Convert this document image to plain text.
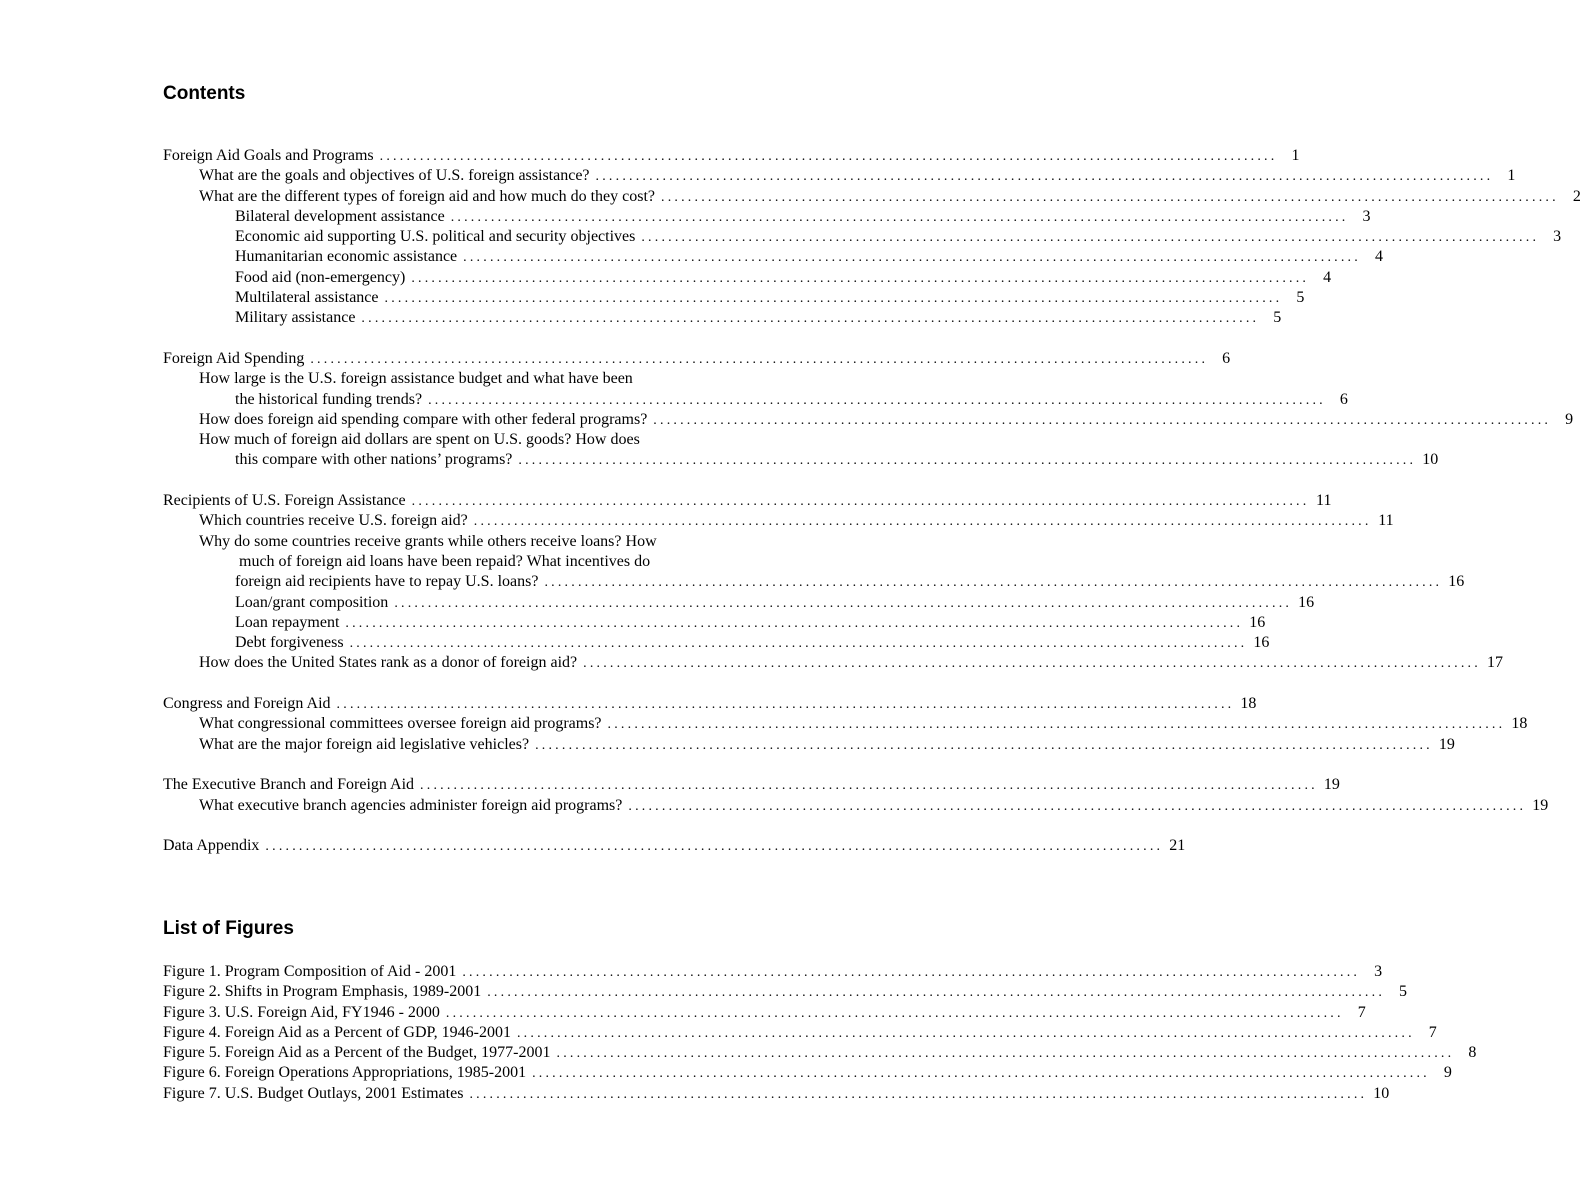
Contents
Foreign Aid Goals and Programs ...................................................................................................................................... 1
What are the goals and objectives of U.S. foreign assistance? ...................................................................................................................................... 1
What are the different types of foreign aid and how much do they cost? ...................................................................................................................................... 2
Bilateral development assistance ...................................................................................................................................... 3
Economic aid supporting U.S. political and security objectives ...................................................................................................................................... 3
Humanitarian economic assistance ...................................................................................................................................... 4
Food aid (non-emergency) ...................................................................................................................................... 4
Multilateral assistance ...................................................................................................................................... 5
Military assistance ...................................................................................................................................... 5
Foreign Aid Spending ...................................................................................................................................... 6
How large is the U.S. foreign assistance budget and what have been
the historical funding trends? ...................................................................................................................................... 6
How does foreign aid spending compare with other federal programs? ...................................................................................................................................... 9
How much of foreign aid dollars are spent on U.S. goods? How does
this compare with other nations’ programs? ...................................................................................................................................... 10
Recipients of U.S. Foreign Assistance ...................................................................................................................................... 11
Which countries receive U.S. foreign aid? ...................................................................................................................................... 11
Why do some countries receive grants while others receive loans? How
much of foreign aid loans have been repaid? What incentives do
foreign aid recipients have to repay U.S. loans? ...................................................................................................................................... 16
Loan/grant composition ...................................................................................................................................... 16
Loan repayment ...................................................................................................................................... 16
Debt forgiveness ...................................................................................................................................... 16
How does the United States rank as a donor of foreign aid? ...................................................................................................................................... 17
Congress and Foreign Aid ...................................................................................................................................... 18
What congressional committees oversee foreign aid programs? ...................................................................................................................................... 18
What are the major foreign aid legislative vehicles? ...................................................................................................................................... 19
The Executive Branch and Foreign Aid ...................................................................................................................................... 19
What executive branch agencies administer foreign aid programs? ...................................................................................................................................... 19
Data Appendix ...................................................................................................................................... 21
List of Figures
Figure 1. Program Composition of Aid - 2001 ...................................................................................................................................... 3
Figure 2. Shifts in Program Emphasis, 1989-2001 ...................................................................................................................................... 5
Figure 3. U.S. Foreign Aid, FY1946 - 2000 ...................................................................................................................................... 7
Figure 4. Foreign Aid as a Percent of GDP, 1946-2001 ...................................................................................................................................... 7
Figure 5. Foreign Aid as a Percent of the Budget, 1977-2001 ...................................................................................................................................... 8
Figure 6. Foreign Operations Appropriations, 1985-2001 ...................................................................................................................................... 9
Figure 7. U.S. Budget Outlays, 2001 Estimates ...................................................................................................................................... 10
